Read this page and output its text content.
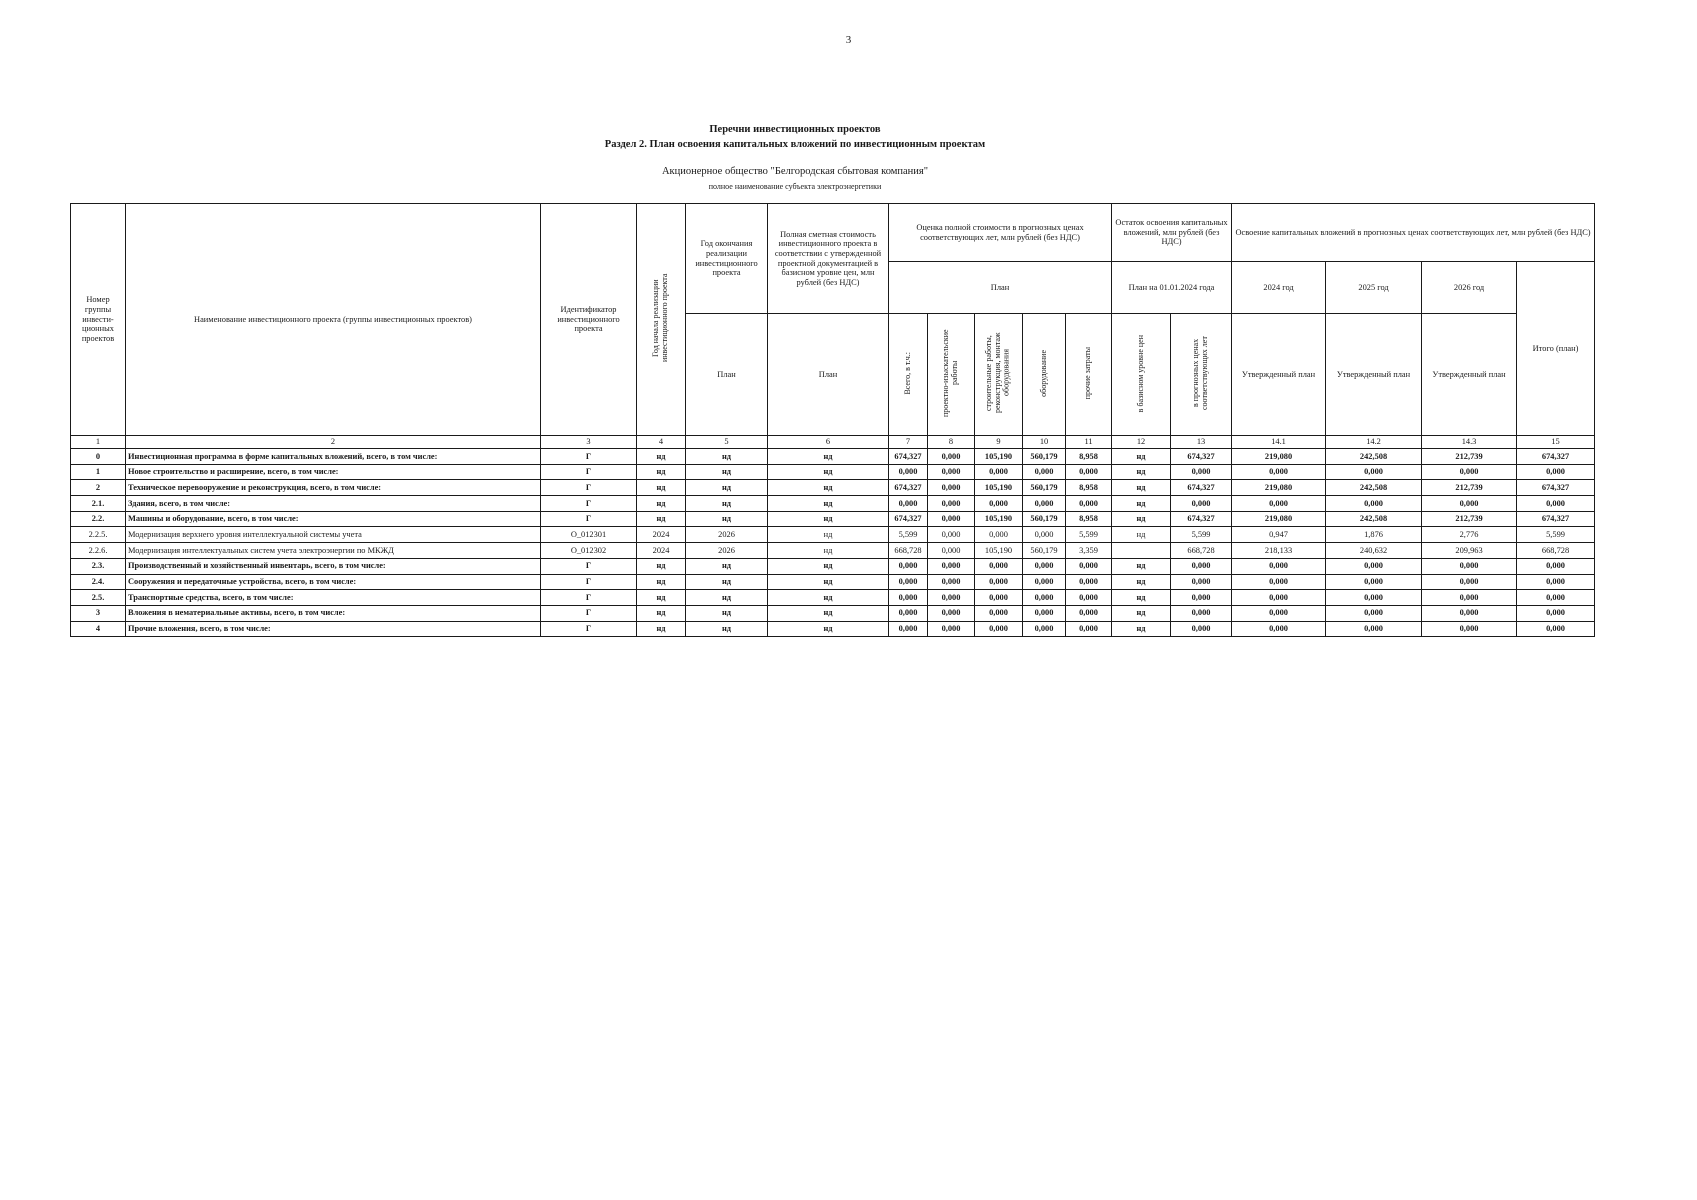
3
Перечни инвестиционных проектов
Раздел 2. План освоения капитальных вложений по инвестиционным проектам
Акционерное общество "Белгородская сбытовая компания"
полное наименование субъекта электроэнергетики
Номер группы инвести-ционных проектов	Наименование инвестиционного проекта (группы инвестиционных проектов)	Идентификатор инвестиционного проекта	Год начала реализации инвестиционного проекта	Год окончания реализации инвестиционного проекта	Полная сметная стоимость инвестиционного проекта в соответствии с утвержденной проектной документацией в базисном уровне цен, млн рублей (без НДС)	Оценка полной стоимости в прогнозных ценах соответствующих лет, млн рублей (без НДС)					Остаток освоения капитальных вложений, млн рублей (без НДС)		Освоение капитальных вложений в прогнозных ценах соответствующих лет, млн рублей (без НДС)			
						План					План на 01.01.2024 года		2024 год	2025 год	2026 год	Итого (план)
				План	План	Всего, в т.ч.:	проектно-изыскательские работы	строительные работы, реконструкция, монтаж оборудования	оборудование	прочие затраты	в базисном уровне цен	в прогнозных ценах соответствующих лет	Утвержденный план	Утвержденный план	Утвержденный план	
1	2	3	4	5	6	7	8	9	10	11	12	13	14.1	14.2	14.3	15
0	Инвестиционная программа в форме капитальных вложений, всего, в том числе:	Г	нд	нд	нд	674,327	0,000	105,190	560,179	8,958	нд	674,327	219,080	242,508	212,739	674,327
1	Новое строительство и расширение, всего, в том числе:	Г	нд	нд	нд	0,000	0,000	0,000	0,000	0,000	нд	0,000	0,000	0,000	0,000	0,000
2	Техническое перевооружение и реконструкция, всего, в том числе:	Г	нд	нд	нд	674,327	0,000	105,190	560,179	8,958	нд	674,327	219,080	242,508	212,739	674,327
2.1.	Здания, всего, в том числе:	Г	нд	нд	нд	0,000	0,000	0,000	0,000	0,000	нд	0,000	0,000	0,000	0,000	0,000
2.2.	Машины и оборудование, всего, в том числе:	Г	нд	нд	нд	674,327	0,000	105,190	560,179	8,958	нд	674,327	219,080	242,508	212,739	674,327
2.2.5.	Модернизация верхнего уровня интеллектуальной системы учета	O_012301	2024	2026	нд	5,599	0,000	0,000	0,000	5,599	нд	5,599	0,947	1,876	2,776	5,599
2.2.6.	Модернизация интеллектуальных систем учета электроэнергии по МКЖД	O_012302	2024	2026	нд	668,728	0,000	105,190	560,179	3,359		668,728	218,133	240,632	209,963	668,728
2.3.	Производственный и хозяйственный инвентарь, всего, в том числе:	Г	нд	нд	нд	0,000	0,000	0,000	0,000	0,000	нд	0,000	0,000	0,000	0,000	0,000
2.4.	Сооружения и передаточные устройства, всего, в том числе:	Г	нд	нд	нд	0,000	0,000	0,000	0,000	0,000	нд	0,000	0,000	0,000	0,000	0,000
2.5.	Транспортные средства, всего, в том числе:	Г	нд	нд	нд	0,000	0,000	0,000	0,000	0,000	нд	0,000	0,000	0,000	0,000	0,000
3	Вложения в нематериальные активы, всего, в том числе:	Г	нд	нд	нд	0,000	0,000	0,000	0,000	0,000	нд	0,000	0,000	0,000	0,000	0,000
4	Прочие вложения, всего, в том числе:	Г	нд	нд	нд	0,000	0,000	0,000	0,000	0,000	нд	0,000	0,000	0,000	0,000	0,000
